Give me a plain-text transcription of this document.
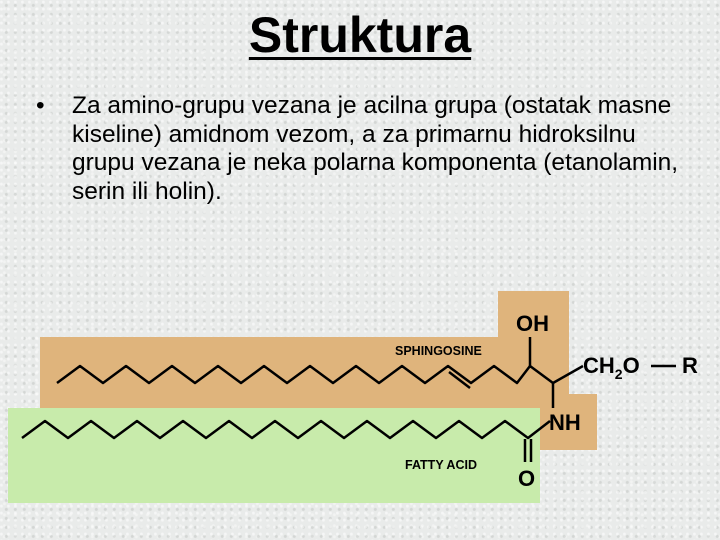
Struktura
• Za amino-grupu vezana je acilna grupa (ostatak masne kiseline) amidnom vezom, a za primarnu hidroksilnu grupu vezana je neka polarna komponenta (etanolamin, serin ili holin).
SPHINGOSINE
FATTY ACID
OH
$CH_2O$ R
NH
O
